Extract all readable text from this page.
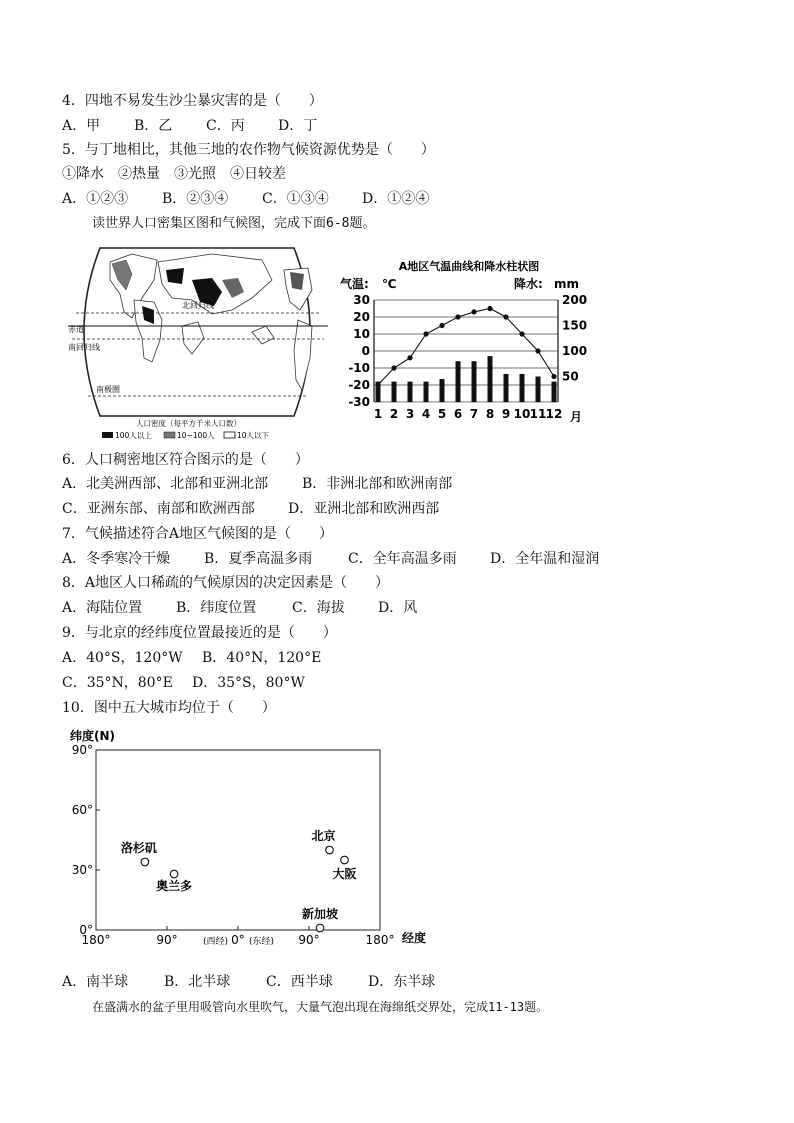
4．四地不易发生沙尘暴灾害的是（　　）
A．甲 B．乙 C．丙 D．丁
5．与丁地相比，其他三地的农作物气候资源优势是（　　）
①降水　②热量　③光照　④日较差
A．①②③ B．②③④ C．①③④ D．①②④
读世界人口密集区图和气候图，完成下面6-8题。
北回归线
赤道
南回归线
南极圈
人口密度（每平方千米人口数）
100人以上	10~100人	10人以下
A地区气温曲线和降水柱状图
气温: ℃	降水: mm
30
20
10
0
-10
-20
-30
200
150
100
50
1 2 3 4 5 6 7 8 9 10 11 12 月
6．人口稠密地区符合图示的是（　　）
A．北美洲西部、北部和亚洲北部 B．非洲北部和欧洲南部
C．亚洲东部、南部和欧洲西部 D．亚洲北部和欧洲西部
7．气候描述符合A地区气候图的是（　　）
A．冬季寒冷干燥 B．夏季高温多雨	C．全年高温多雨 D．全年温和湿润
8．A地区人口稀疏的气候原因的决定因素是（　　）
A．海陆位置 B．纬度位置	C．海拔 D．风
9．与北京的经纬度位置最接近的是（　　）
A．40°S，120°W B．40°N，120°E
C．35°N，80°E D．35°S，80°W
10．图中五大城市均位于（　　）
纬度(N)
经度
(西经) (东经)
90°
60°
30°
0°
180°	90°	0°	90°	180°
洛杉矶
奥兰多
北京
大阪
新加坡
A．南半球	B．北半球	C．西半球	D．东半球
在盛满水的盆子里用吸管向水里吹气，大量气泡出现在海绵纸交界处，完成11-13题。
